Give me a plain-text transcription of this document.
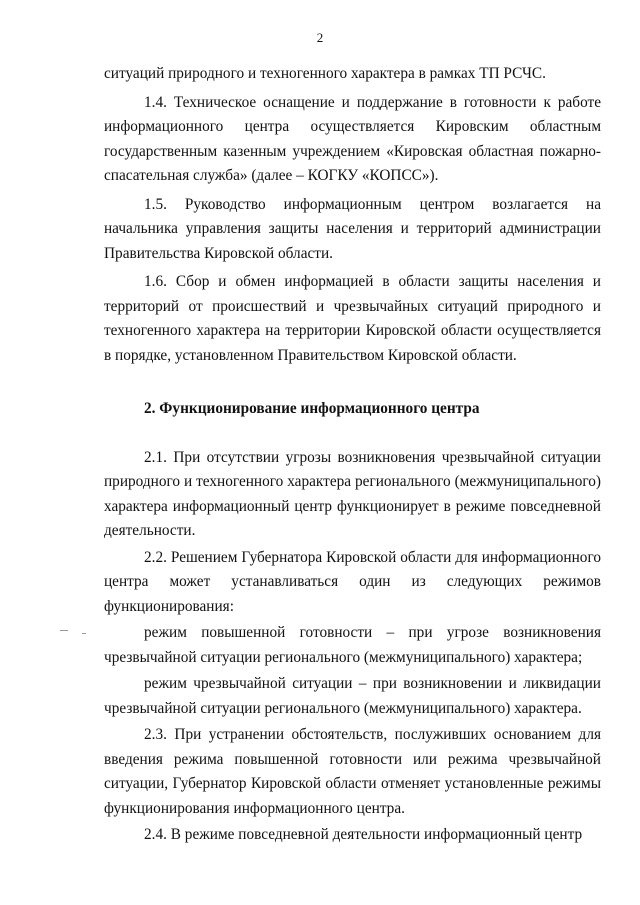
2

ситуаций природного и техногенного характера в рамках ТП РСЧС.

1.4. Техническое оснащение и поддержание в готовности к работе информационного центра осуществляется Кировским областным государственным казенным учреждением «Кировская областная пожарно-спасательная служба» (далее – КОГКУ «КОПСС»).

1.5. Руководство информационным центром возлагается на начальника управления защиты населения и территорий администрации Правительства Кировской области.

1.6. Сбор и обмен информацией в области защиты населения и территорий от происшествий и чрезвычайных ситуаций природного и техногенного характера на территории Кировской области осуществляется в порядке, установленном Правительством Кировской области.

2. Функционирование информационного центра

2.1. При отсутствии угрозы возникновения чрезвычайной ситуации природного и техногенного характера регионального (межмуниципального) характера информационный центр функционирует в режиме повседневной деятельности.

2.2. Решением Губернатора Кировской области для информационного центра может устанавливаться один из следующих режимов функционирования:

режим повышенной готовности – при угрозе возникновения чрезвычайной ситуации регионального (межмуниципального) характера;

режим чрезвычайной ситуации – при возникновении и ликвидации чрезвычайной ситуации регионального (межмуниципального) характера.

2.3. При устранении обстоятельств, послуживших основанием для введения режима повышенной готовности или режима чрезвычайной ситуации, Губернатор Кировской области отменяет установленные режимы функционирования информационного центра.

2.4. В режиме повседневной деятельности информационный центр
